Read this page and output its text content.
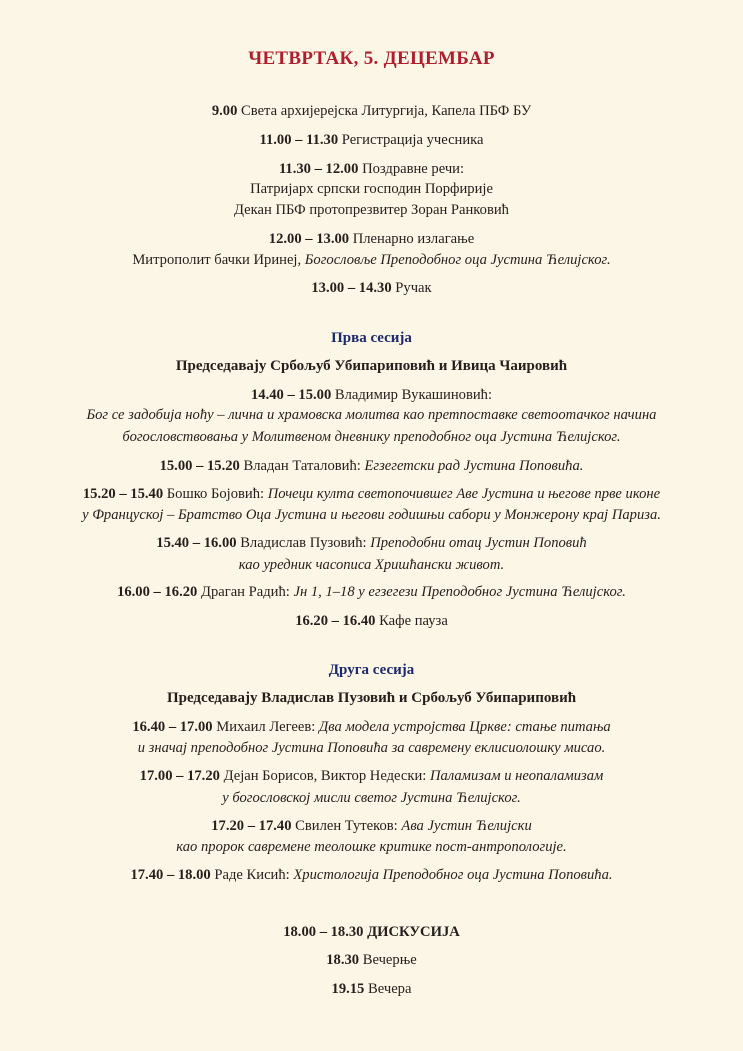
ЧЕТВРТАК, 5. ДЕЦЕМБАР
9.00 Света архијерејска Литургија, Капела ПБФ БУ
11.00 – 11.30 Регистрација учесника
11.30 – 12.00 Поздравне речи:
Патријарх српски господин Порфирије
Декан ПБФ протопрезвитер Зоран Ранковић
12.00 – 13.00 Пленарно излагање
Митрополит бачки Иринеј, Богословље Преподобног оца Јустина Ћелијског.
13.00 – 14.30 Ручак
Прва сесија
Председавају Србољуб Убипариповић и Ивица Чаировић
14.40 – 15.00 Владимир Вукашиновић:
Бог се задобија ноћу – лична и храмовска молитва као претпоставке светоотачког начина
богословствовања у Молитвеном дневнику преподобног оца Јустина Ћелијског.
15.00 – 15.20 Владан Таталовић: Егзегетски рад Јустина Поповића.
15.20 – 15.40 Бошко Бојовић: Почеци култа светопочившег Аве Јустина и његове прве иконе
у Француској – Братство Оца Јустина и његови годишњи сабори у Монжерону крај Париза.
15.40 – 16.00 Владислав Пузовић: Преподобни отац Јустин Поповић
као уредник часописа Хришћански живот.
16.00 – 16.20 Драган Радић: Јн 1, 1–18 у егзегези Преподобног Јустина Ћелијског.
16.20 – 16.40 Кафе пауза
Друга сесија
Председавају Владислав Пузовић и Србољуб Убипариповић
16.40 – 17.00 Михаил Легеев: Два модела устројства Цркве: стање питања
и значај преподобног Јустина Поповића за савремену еклисиолошку мисао.
17.00 – 17.20 Дејан Борисов, Виктор Недески: Паламизам и неопаламизам
у богословској мисли светог Јустина Ћелијског.
17.20 – 17.40 Свилен Тутеков: Ава Јустин Ћелијски
као пророк савремене теолошке критике пост-антропологије.
17.40 – 18.00 Раде Кисић: Христологија Преподобног оца Јустина Поповића.
18.00 – 18.30 ДИСКУСИЈА
18.30 Вечерње
19.15 Вечера
